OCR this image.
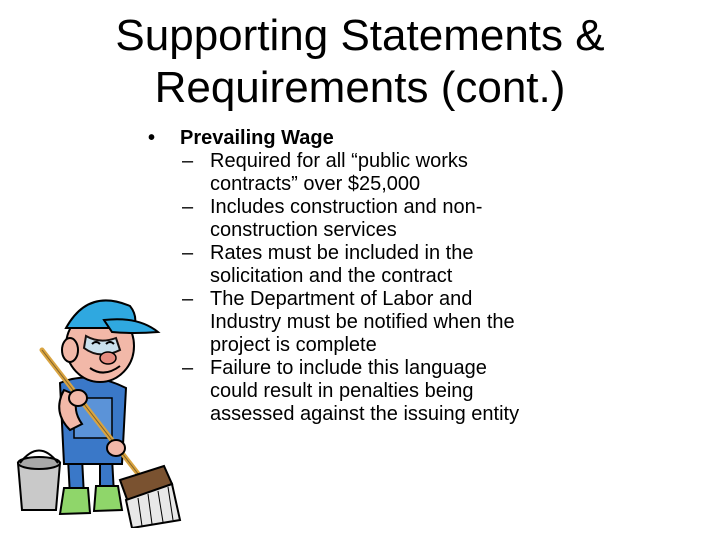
Supporting Statements &
Requirements (cont.)
•	Prevailing Wage
– Required for all “public works contracts” over $25,000
– Includes construction and non-construction services
– Rates must be included in the solicitation and the contract
– The Department of Labor and Industry must be notified when the project is complete
– Failure to include this language could result in penalties being assessed against the issuing entity
